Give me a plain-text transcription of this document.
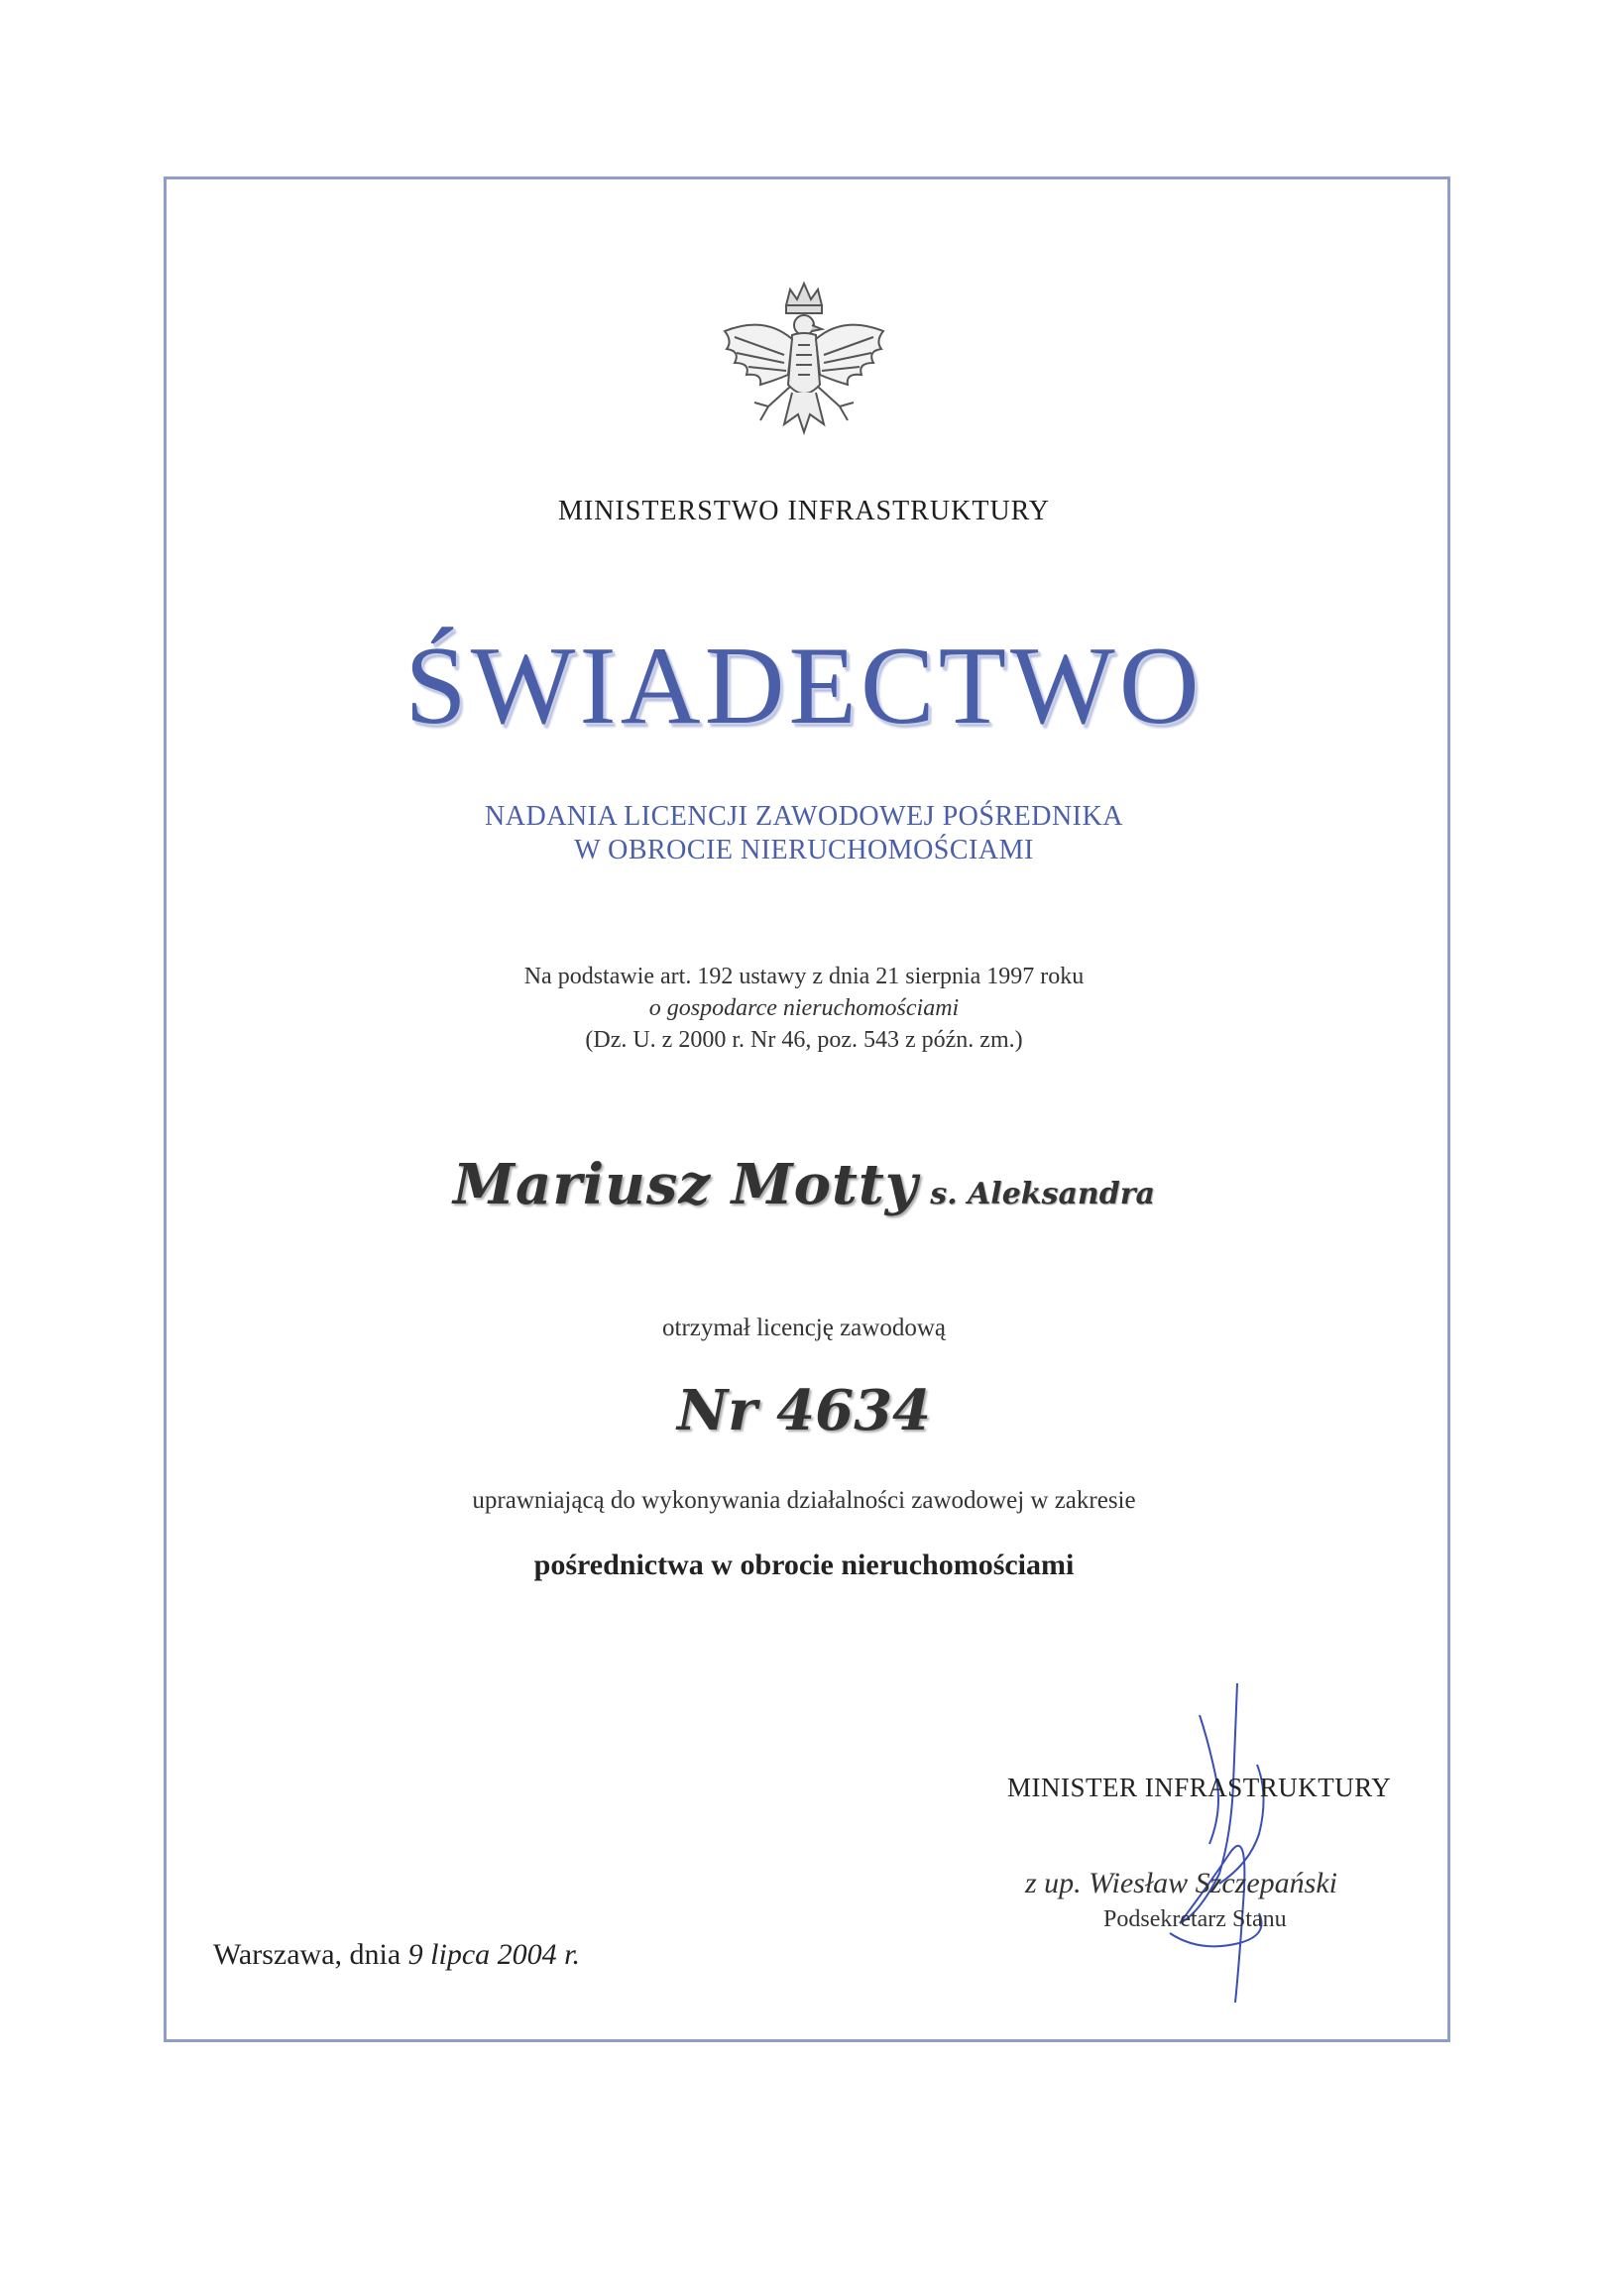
MINISTERSTWO INFRASTRUKTURY
ŚWIADECTWO
NADANIA LICENCJI ZAWODOWEJ POŚREDNIKA
W OBROCIE NIERUCHOMOŚCIAMI
Na podstawie art. 192 ustawy z dnia 21 sierpnia 1997 roku
o gospodarce nieruchomościami
(Dz. U. z 2000 r. Nr 46, poz. 543 z późn. zm.)
Mariusz Motty s. Aleksandra
otrzymał licencję zawodową
Nr 4634
uprawniającą do wykonywania działalności zawodowej w zakresie
pośrednictwa w obrocie nieruchomościami
MINISTER INFRASTRUKTURY
z up. Wiesław Szczepański
Podsekretarz Stanu
Warszawa, dnia 9 lipca 2004 r.
